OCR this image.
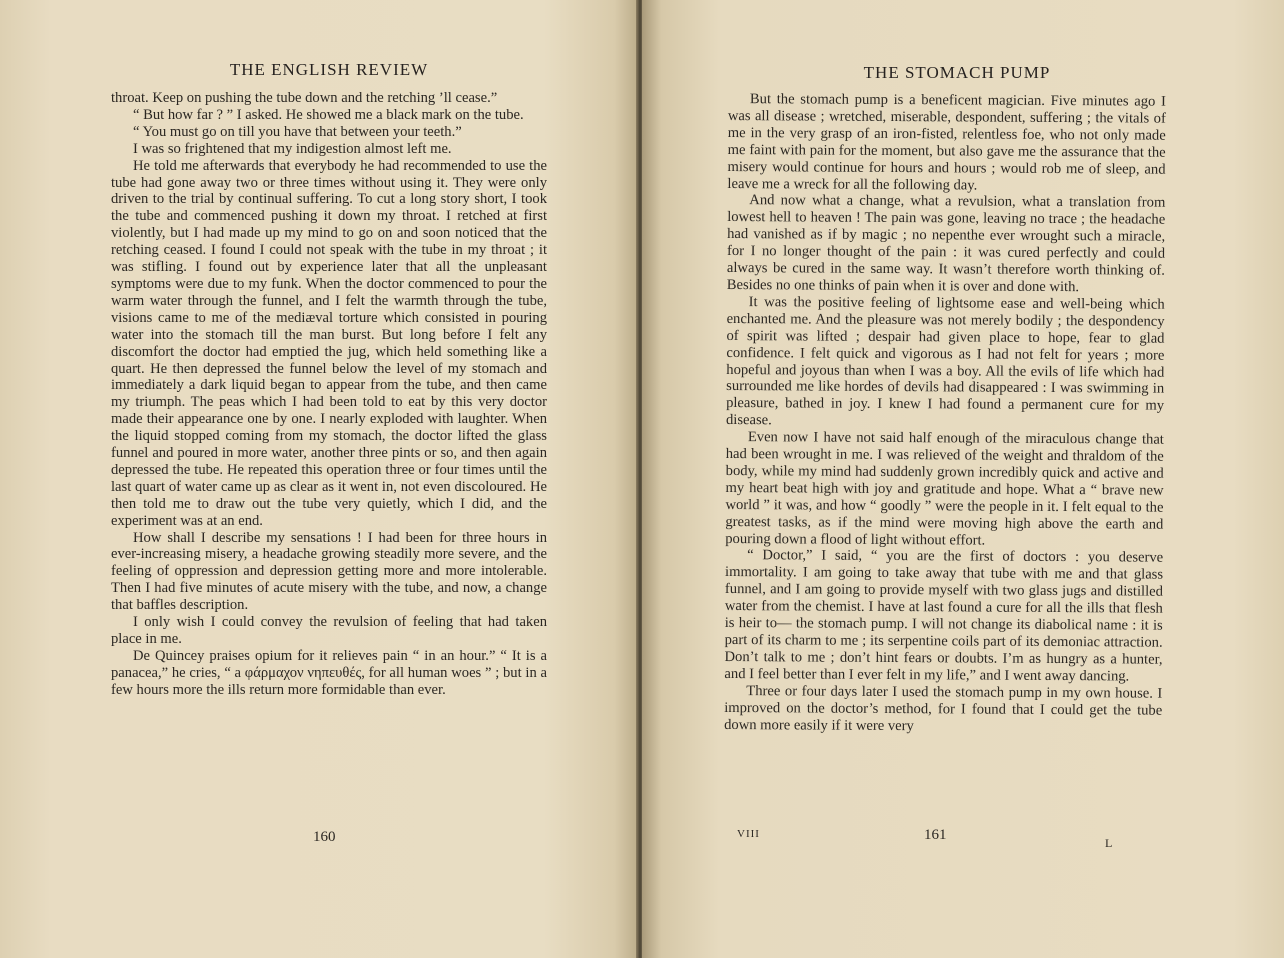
THE ENGLISH REVIEW

throat. Keep on pushing the tube down and the retching ’ll cease.”

“ But how far ? ” I asked. He showed me a black mark on the tube.

“ You must go on till you have that between your teeth.”

I was so frightened that my indigestion almost left me.

He told me afterwards that everybody he had recommended to use the tube had gone away two or three times without using it. They were only driven to the trial by continual suffering. To cut a long story short, I took the tube and commenced pushing it down my throat. I retched at first violently, but I had made up my mind to go on and soon noticed that the retching ceased. I found I could not speak with the tube in my throat ; it was stifling. I found out by experience later that all the unpleasant symptoms were due to my funk. When the doctor commenced to pour the warm water through the funnel, and I felt the warmth through the tube, visions came to me of the mediæval torture which consisted in pouring water into the stomach till the man burst. But long before I felt any discomfort the doctor had emptied the jug, which held something like a quart. He then depressed the funnel below the level of my stomach and immediately a dark liquid began to appear from the tube, and then came my triumph. The peas which I had been told to eat by this very doctor made their appearance one by one. I nearly exploded with laughter. When the liquid stopped coming from my stomach, the doctor lifted the glass funnel and poured in more water, another three pints or so, and then again depressed the tube. He repeated this operation three or four times until the last quart of water came up as clear as it went in, not even discoloured. He then told me to draw out the tube very quietly, which I did, and the experiment was at an end.

How shall I describe my sensations ! I had been for three hours in ever-increasing misery, a headache growing steadily more severe, and the feeling of oppression and depression getting more and more intolerable. Then I had five minutes of acute misery with the tube, and now, a change that baffles description.

I only wish I could convey the revulsion of feeling that had taken place in me.

De Quincey praises opium for it relieves pain “ in an hour.” “ It is a panacea,” he cries, “ a φάρμαχον νηπευθές, for all human woes ” ; but in a few hours more the ills return more formidable than ever.

160
THE STOMACH PUMP

But the stomach pump is a beneficent magician. Five minutes ago I was all disease ; wretched, miserable, despondent, suffering ; the vitals of me in the very grasp of an iron-fisted, relentless foe, who not only made me faint with pain for the moment, but also gave me the assurance that the misery would continue for hours and hours ; would rob me of sleep, and leave me a wreck for all the following day.

And now what a change, what a revulsion, what a translation from lowest hell to heaven ! The pain was gone, leaving no trace ; the headache had vanished as if by magic ; no nepenthe ever wrought such a miracle, for I no longer thought of the pain : it was cured perfectly and could always be cured in the same way. It wasn’t therefore worth thinking of. Besides no one thinks of pain when it is over and done with.

It was the positive feeling of lightsome ease and well-being which enchanted me. And the pleasure was not merely bodily ; the despondency of spirit was lifted ; despair had given place to hope, fear to glad confidence. I felt quick and vigorous as I had not felt for years ; more hopeful and joyous than when I was a boy. All the evils of life which had surrounded me like hordes of devils had disappeared : I was swimming in pleasure, bathed in joy. I knew I had found a permanent cure for my disease.

Even now I have not said half enough of the miraculous change that had been wrought in me. I was relieved of the weight and thraldom of the body, while my mind had suddenly grown incredibly quick and active and my heart beat high with joy and gratitude and hope. What a “ brave new world ” it was, and how “ goodly ” were the people in it. I felt equal to the greatest tasks, as if the mind were moving high above the earth and pouring down a flood of light without effort.

“ Doctor,” I said, “ you are the first of doctors : you deserve immortality. I am going to take away that tube with me and that glass funnel, and I am going to provide myself with two glass jugs and distilled water from the chemist. I have at last found a cure for all the ills that flesh is heir to— the stomach pump. I will not change its diabolical name : it is part of its charm to me ; its serpentine coils part of its demoniac attraction. Don’t talk to me ; don’t hint fears or doubts. I’m as hungry as a hunter, and I feel better than I ever felt in my life,” and I went away dancing.

Three or four days later I used the stomach pump in my own house. I improved on the doctor’s method, for I found that I could get the tube down more easily if it were very

VIII	161	L
